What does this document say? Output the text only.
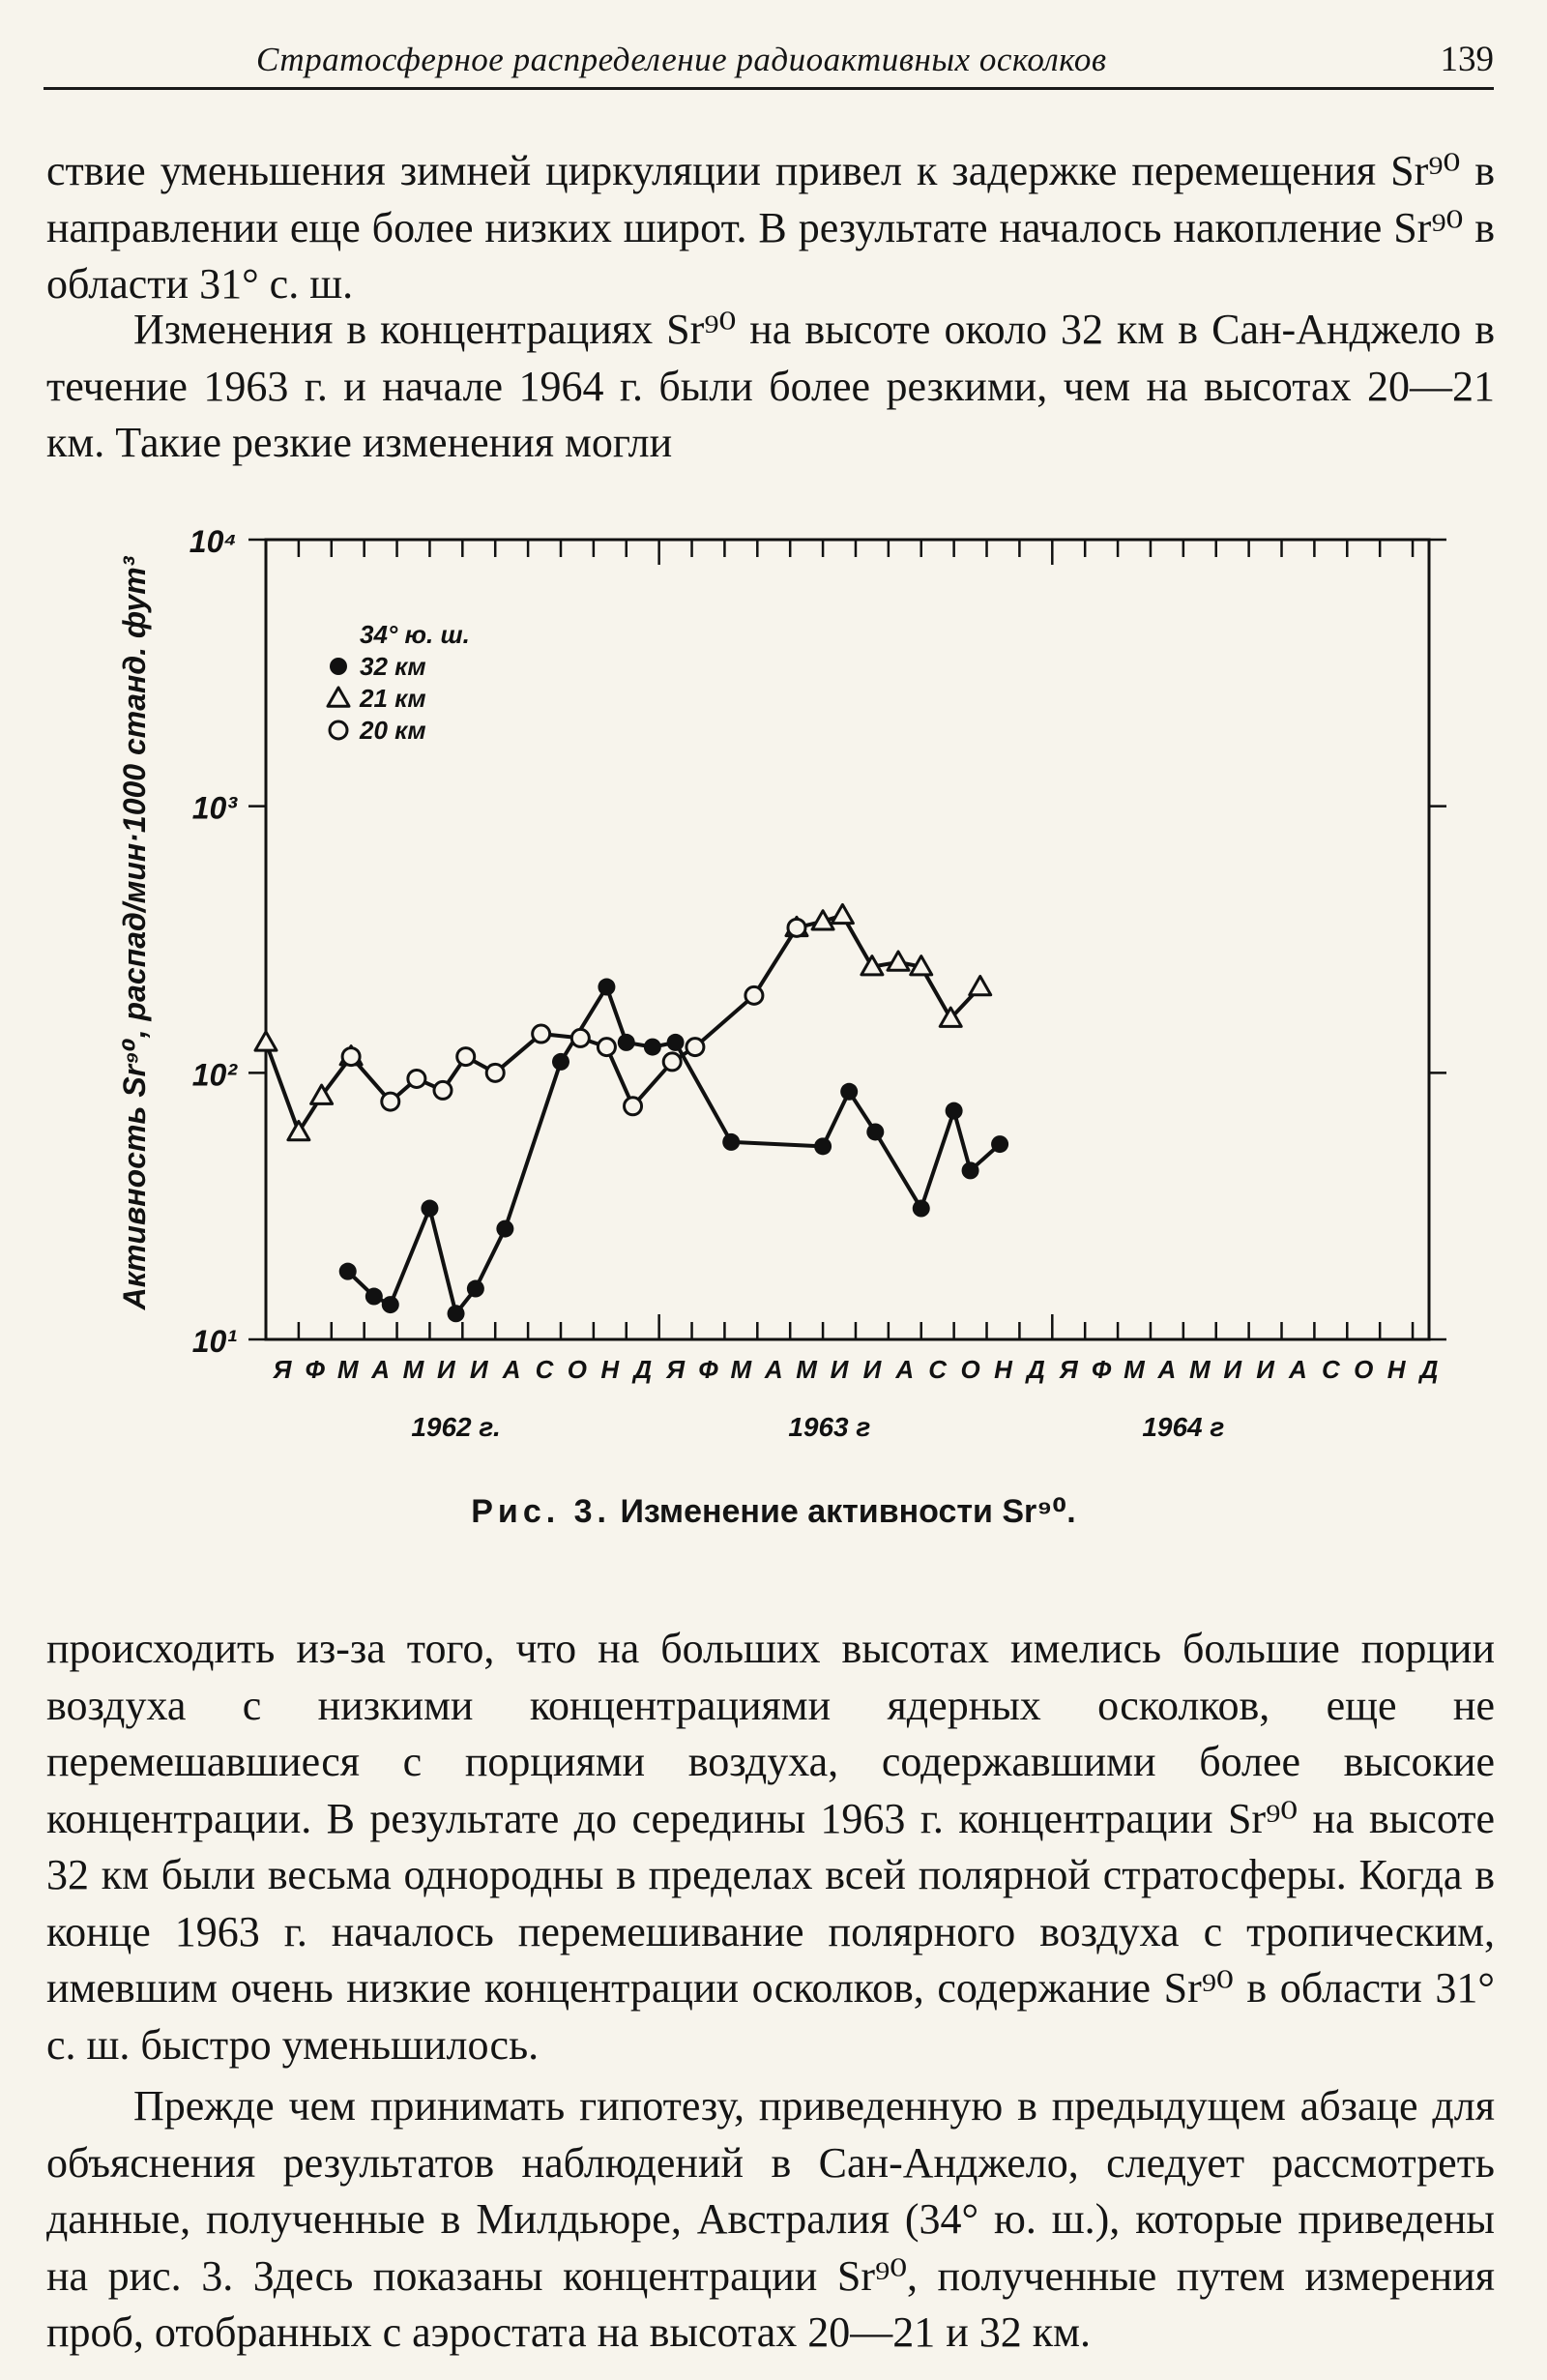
Стратосферное распределение радиоактивных осколков	139

ствие уменьшения зимней циркуляции привел к задержке перемещения Sr⁹⁰ в направлении еще более низких широт. В результате началось накопление Sr⁹⁰ в области 31° с. ш.

Изменения в концентрациях Sr⁹⁰ на высоте около 32 км в Сан-Анджело в течение 1963 г. и начале 1964 г. были более резкими, чем на высотах 20—21 км. Такие резкие изменения могли

10¹
10²
10³
10⁴
Я Ф М А М И И А С О Н Д Я Ф М А М И И А С О Н Д Я Ф М А М И И А С О Н Д
1962 г.	1963 г	1964 г
34° ю. ш.
32 км
21 км
20 км
Активность Sr⁹⁰, распад/мин·1000 станд. фут³
Рис. 3. Изменение активности Sr⁹⁰.

происходить из-за того, что на больших высотах имелись большие порции воздуха с низкими концентрациями ядерных осколков, еще не перемешавшиеся с порциями воздуха, содержавшими более высокие концентрации. В результате до середины 1963 г. концентрации Sr⁹⁰ на высоте 32 км были весьма однородны в пределах всей полярной стратосферы. Когда в конце 1963 г. началось перемешивание полярного воздуха с тропическим, имевшим очень низкие концентрации осколков, содержание Sr⁹⁰ в области 31° с. ш. быстро уменьшилось.

Прежде чем принимать гипотезу, приведенную в предыдущем абзаце для объяснения результатов наблюдений в Сан-Анджело, следует рассмотреть данные, полученные в Милдьюре, Австралия (34° ю. ш.), которые приведены на рис. 3. Здесь показаны концентрации Sr⁹⁰, полученные путем измерения проб, отобранных с аэростата на высотах 20—21 и 32 км.
